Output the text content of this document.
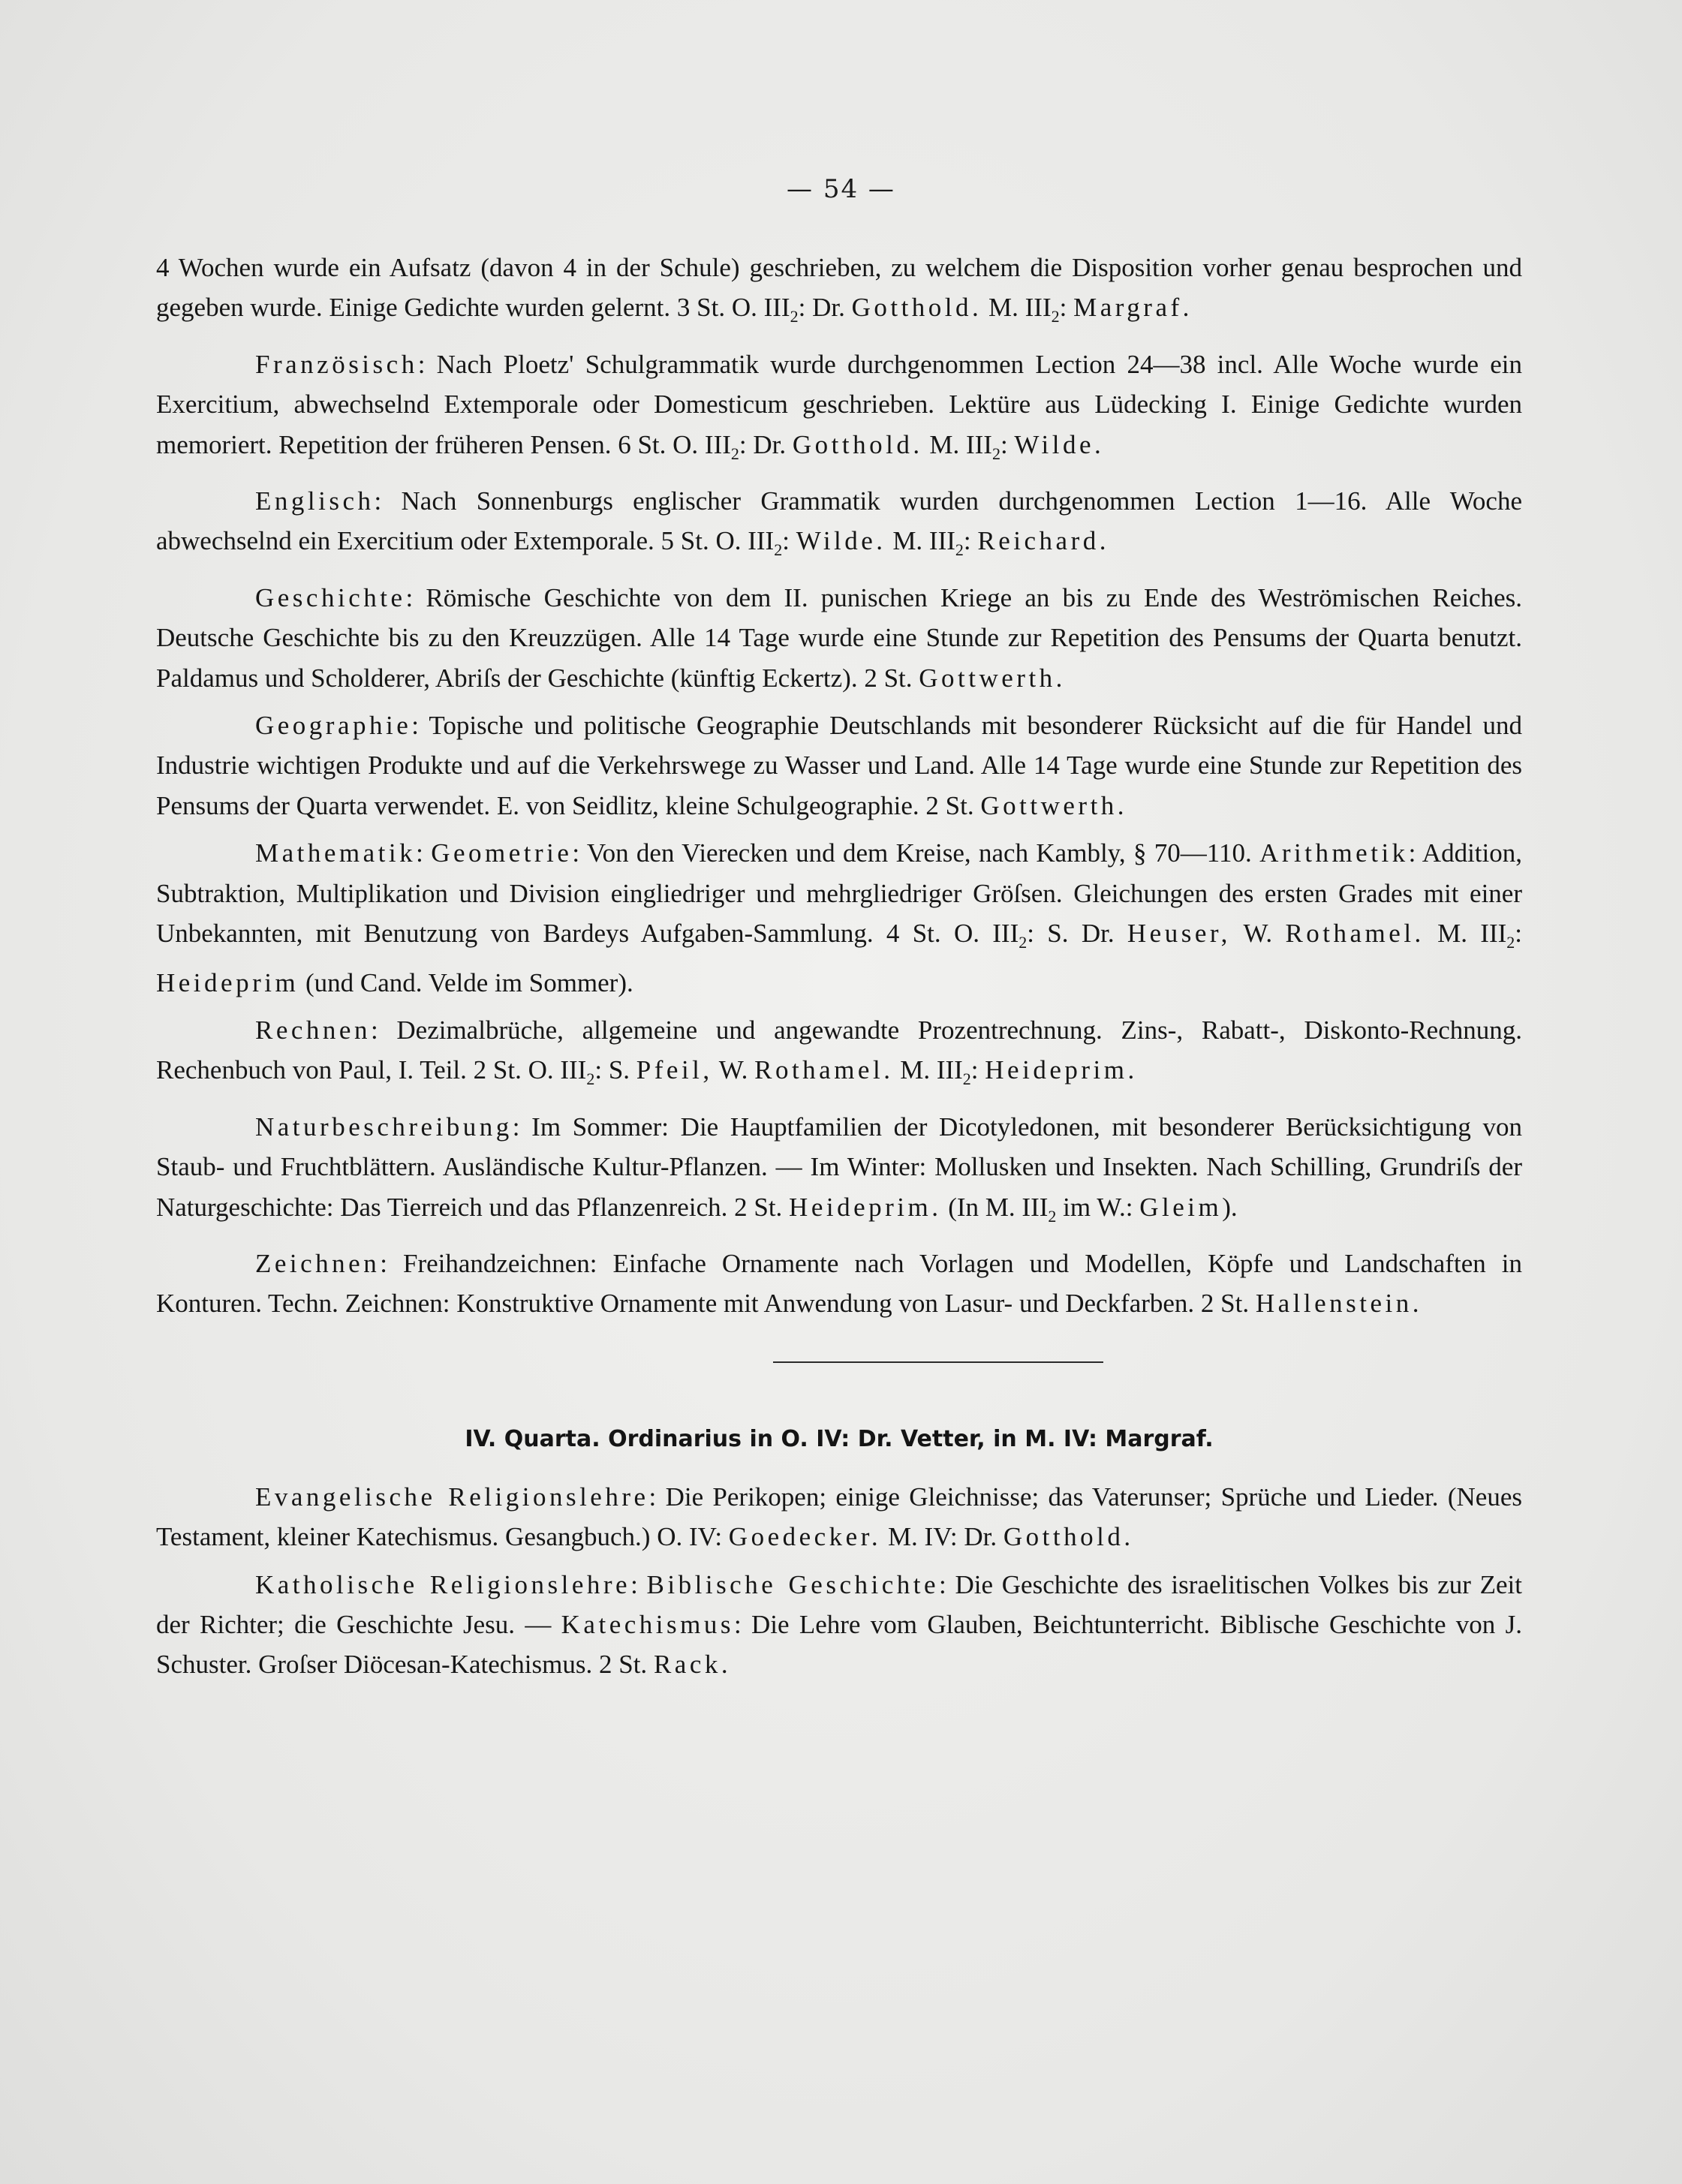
— 54 —

4 Wochen wurde ein Aufsatz (davon 4 in der Schule) geschrieben, zu welchem die Disposition vorher genau besprochen und gegeben wurde. Einige Gedichte wurden gelernt. 3 St. O. $III_2$: Dr. Gotthold. M. $III_2$: Margraf.

Französisch: Nach Ploetz' Schulgrammatik wurde durchgenommen Lection 24—38 incl. Alle Woche wurde ein Exercitium, abwechselnd Extemporale oder Domesticum geschrieben. Lektüre aus Lüdecking I. Einige Gedichte wurden memoriert. Repetition der früheren Pensen. 6 St. O. $III_2$: Dr. Gotthold. M. $III_2$: Wilde.

Englisch: Nach Sonnenburgs englischer Grammatik wurden durchgenommen Lection 1—16. Alle Woche abwechselnd ein Exercitium oder Extemporale. 5 St. O. $III_2$: Wilde. M. $III_2$: Reichard.

Geschichte: Römische Geschichte von dem II. punischen Kriege an bis zu Ende des Weströmischen Reiches. Deutsche Geschichte bis zu den Kreuzzügen. Alle 14 Tage wurde eine Stunde zur Repetition des Pensums der Quarta benutzt. Paldamus und Scholderer, Abriſs der Geschichte (künftig Eckertz). 2 St. Gottwerth.

Geographie: Topische und politische Geographie Deutschlands mit besonderer Rücksicht auf die für Handel und Industrie wichtigen Produkte und auf die Verkehrswege zu Wasser und Land. Alle 14 Tage wurde eine Stunde zur Repetition des Pensums der Quarta verwendet. E. von Seidlitz, kleine Schulgeographie. 2 St. Gottwerth.

Mathematik: Geometrie: Von den Vierecken und dem Kreise, nach Kambly, § 70—110. Arithmetik: Addition, Subtraktion, Multiplikation und Division eingliedriger und mehrgliedriger Gröſsen. Gleichungen des ersten Grades mit einer Unbekannten, mit Benutzung von Bardeys Aufgaben-Sammlung. 4 St. O. $III_2$: S. Dr. Heuser, W. Rothamel. M. $III_2$: Heideprim (und Cand. Velde im Sommer).

Rechnen: Dezimalbrüche, allgemeine und angewandte Prozentrechnung. Zins-, Rabatt-, Diskonto-Rechnung. Rechenbuch von Paul, I. Teil. 2 St. O. $III_2$: S. Pfeil, W. Rothamel. M. $III_2$: Heideprim.

Naturbeschreibung: Im Sommer: Die Hauptfamilien der Dicotyledonen, mit besonderer Berücksichtigung von Staub- und Fruchtblättern. Ausländische Kultur-Pflanzen. — Im Winter: Mollusken und Insekten. Nach Schilling, Grundriſs der Naturgeschichte: Das Tierreich und das Pflanzenreich. 2 St. Heideprim. (In M. $III_2$ im W.: Gleim).

Zeichnen: Freihandzeichnen: Einfache Ornamente nach Vorlagen und Modellen, Köpfe und Landschaften in Konturen. Techn. Zeichnen: Konstruktive Ornamente mit Anwendung von Lasur- und Deckfarben. 2 St. Hallenstein.

IV. Quarta. Ordinarius in O. IV: Dr. Vetter, in M. IV: Margraf.

Evangelische Religionslehre: Die Perikopen; einige Gleichnisse; das Vaterunser; Sprüche und Lieder. (Neues Testament, kleiner Katechismus. Gesangbuch.) O. IV: Goedecker. M. IV: Dr. Gotthold.

Katholische Religionslehre: Biblische Geschichte: Die Geschichte des israelitischen Volkes bis zur Zeit der Richter; die Geschichte Jesu. — Katechismus: Die Lehre vom Glauben, Beichtunterricht. Biblische Geschichte von J. Schuster. Groſser Diöcesan-Katechismus. 2 St. Rack.
